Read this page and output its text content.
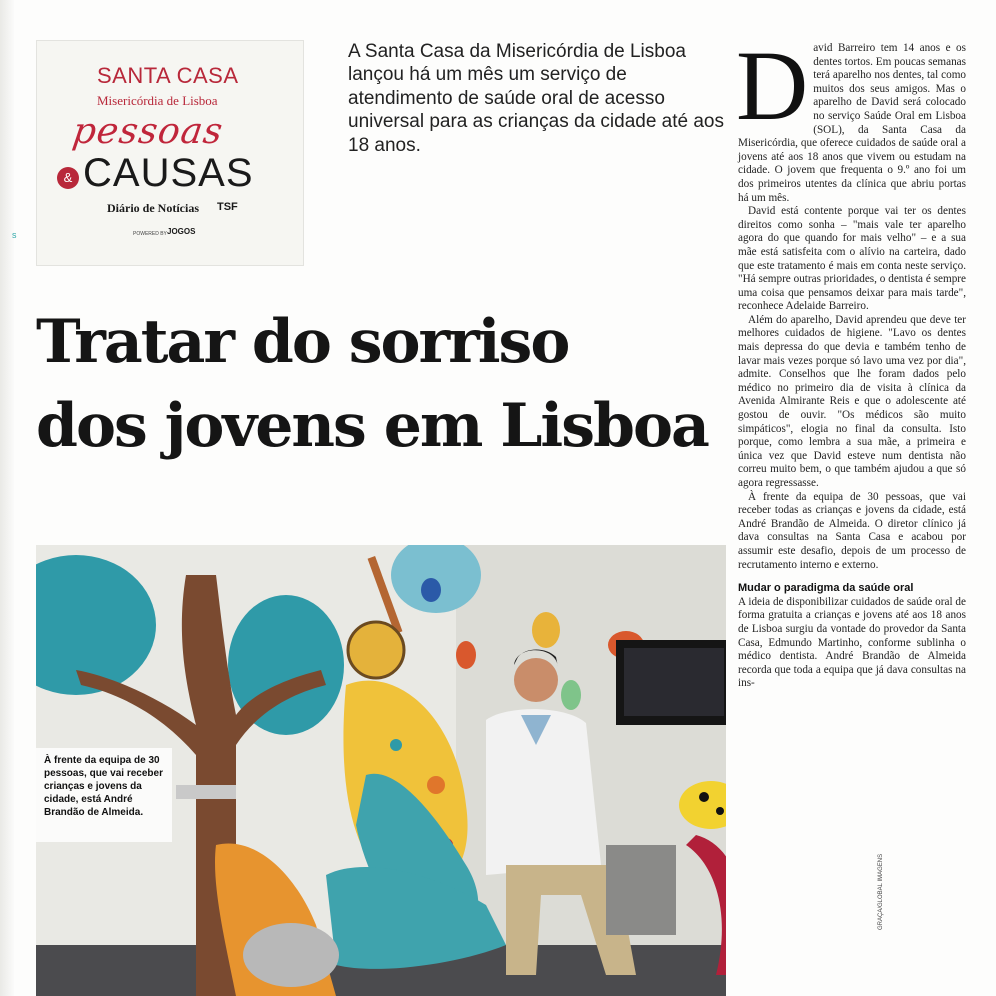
s
SANTA CASA
Misericórdia de Lisboa
pessoas
& CAUSAS
Diário de Notícias TSF
POWERED BY JOGOS

A Santa Casa da Misericórdia de Lisboa lançou há um mês um serviço de atendimento de saúde oral de acesso universal para as crianças da cidade até aos 18 anos.

Tratar do sorriso
dos jovens em Lisboa

David Barreiro tem 14 anos e os dentes tortos. Em poucas semanas terá aparelho nos dentes, tal como muitos dos seus amigos. Mas o aparelho de David será colocado no serviço Saúde Oral em Lisboa (SOL), da Santa Casa da Misericórdia, que oferece cuidados de saúde oral a jovens até aos 18 anos que vivem ou estudam na cidade. O jovem que frequenta o 9.º ano foi um dos primeiros utentes da clínica que abriu portas há um mês.

David está contente porque vai ter os dentes direitos como sonha – "mais vale ter aparelho agora do que quando for mais velho" – e a sua mãe está satisfeita com o alívio na carteira, dado que este tratamento é mais em conta neste serviço. "Há sempre outras prioridades, o dentista é sempre uma coisa que pensamos deixar para mais tarde", reconhece Adelaide Barreiro.

Além do aparelho, David aprendeu que deve ter melhores cuidados de higiene. "Lavo os dentes mais depressa do que devia e também tenho de lavar mais vezes porque só lavo uma vez por dia", admite. Conselhos que lhe foram dados pelo médico no primeiro dia de visita à clínica da Avenida Almirante Reis e que o adolescente até gostou de ouvir. "Os médicos são muito simpáticos", elogia no final da consulta. Isto porque, como lembra a sua mãe, a primeira e única vez que David esteve num dentista não correu muito bem, o que também ajudou a que só agora regressasse.

À frente da equipa de 30 pessoas, que vai receber todas as crianças e jovens da cidade, está André Brandão de Almeida. O diretor clínico já dava consultas na Santa Casa e acabou por assumir este desafio, depois de um processo de recrutamento interno e externo.

Mudar o paradigma da saúde oral

A ideia de disponibilizar cuidados de saúde oral de forma gratuita a crianças e jovens até aos 18 anos de Lisboa surgiu da vontade do provedor da Santa Casa, Edmundo Martinho, conforme sublinha o médico dentista. André Brandão de Almeida recorda que toda a equipa que já dava consultas na ins-

À frente da equipa de 30 pessoas, que vai receber crianças e jovens da cidade, está André Brandão de Almeida.

GRAÇA/GLOBAL IMAGENS
